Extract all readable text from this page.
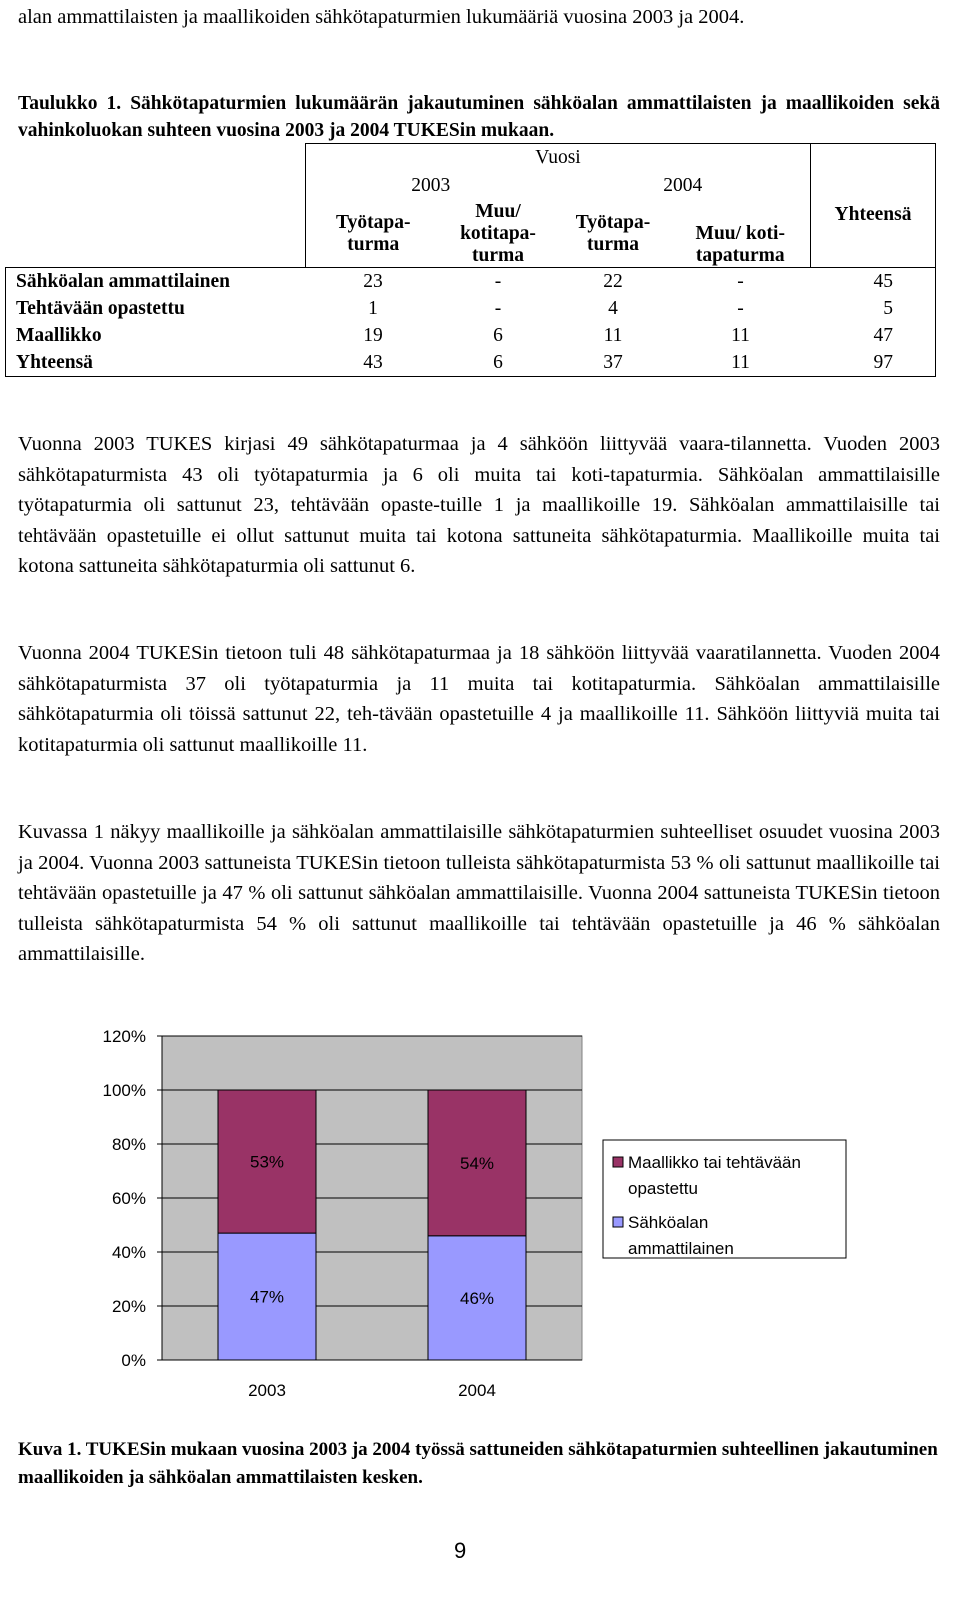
alan ammattilaisten ja maallikoiden sähkötapaturmien lukumääriä vuosina 2003 ja 2004.

Taulukko 1. Sähkötapaturmien lukumäärän jakautuminen sähköalan ammattilaisten ja maallikoiden sekä vahinkoluokan suhteen vuosina 2003 ja 2004 TUKESin mukaan.

	Vuosi				Yhteensä
	2003		2004		
	Työtapa-turma	Muu/ kotitapa-turma	Työtapa-turma	Muu/ koti-tapaturma	
Sähköalan ammattilainen	23	-	22	-	45
Tehtävään opastettu	1	-	4	-	5
Maallikko	19	6	11	11	47
Yhteensä	43	6	37	11	97

Vuonna 2003 TUKES kirjasi 49 sähkötapaturmaa ja 4 sähköön liittyvää vaara-tilannetta. Vuoden 2003 sähkötapaturmista 43 oli työtapaturmia ja 6 oli muita tai koti-tapaturmia. Sähköalan ammattilaisille työtapaturmia oli sattunut 23, tehtävään opaste-tuille 1 ja maallikoille 19. Sähköalan ammattilaisille tai tehtävään opastetuille ei ollut sattunut muita tai kotona sattuneita sähkötapaturmia. Maallikoille muita tai kotona sattuneita sähkötapaturmia oli sattunut 6.

Vuonna 2004 TUKESin tietoon tuli 48 sähkötapaturmaa ja 18 sähköön liittyvää vaaratilannetta. Vuoden 2004 sähkötapaturmista 37 oli työtapaturmia ja 11 muita tai kotitapaturmia. Sähköalan ammattilaisille sähkötapaturmia oli töissä sattunut 22, teh-tävään opastetuille 4 ja maallikoille 11. Sähköön liittyviä muita tai kotitapaturmia oli sattunut maallikoille 11.

Kuvassa 1 näkyy maallikoille ja sähköalan ammattilaisille sähkötapaturmien suhteelliset osuudet vuosina 2003 ja 2004. Vuonna 2003 sattuneista TUKESin tietoon tulleista sähkötapaturmista 53 % oli sattunut maallikoille tai tehtävään opastetuille ja 47 % oli sattunut sähköalan ammattilaisille. Vuonna 2004 sattuneista TUKESin tietoon tulleista sähkötapaturmista 54 % oli sattunut maallikoille tai tehtävään opastetuille ja 46 % sähköalan ammattilaisille.

0%
20%
40%
60%
80%
100%
120%
47%
53%
2003
46%
54%
2004
Maallikko tai tehtävään
opastettu
Sähköalan
ammattilainen

Kuva 1. TUKESin mukaan vuosina 2003 ja 2004 työssä sattuneiden sähkötapaturmien suhteellinen jakautuminen maallikoiden ja sähköalan ammattilaisten kesken.

9
